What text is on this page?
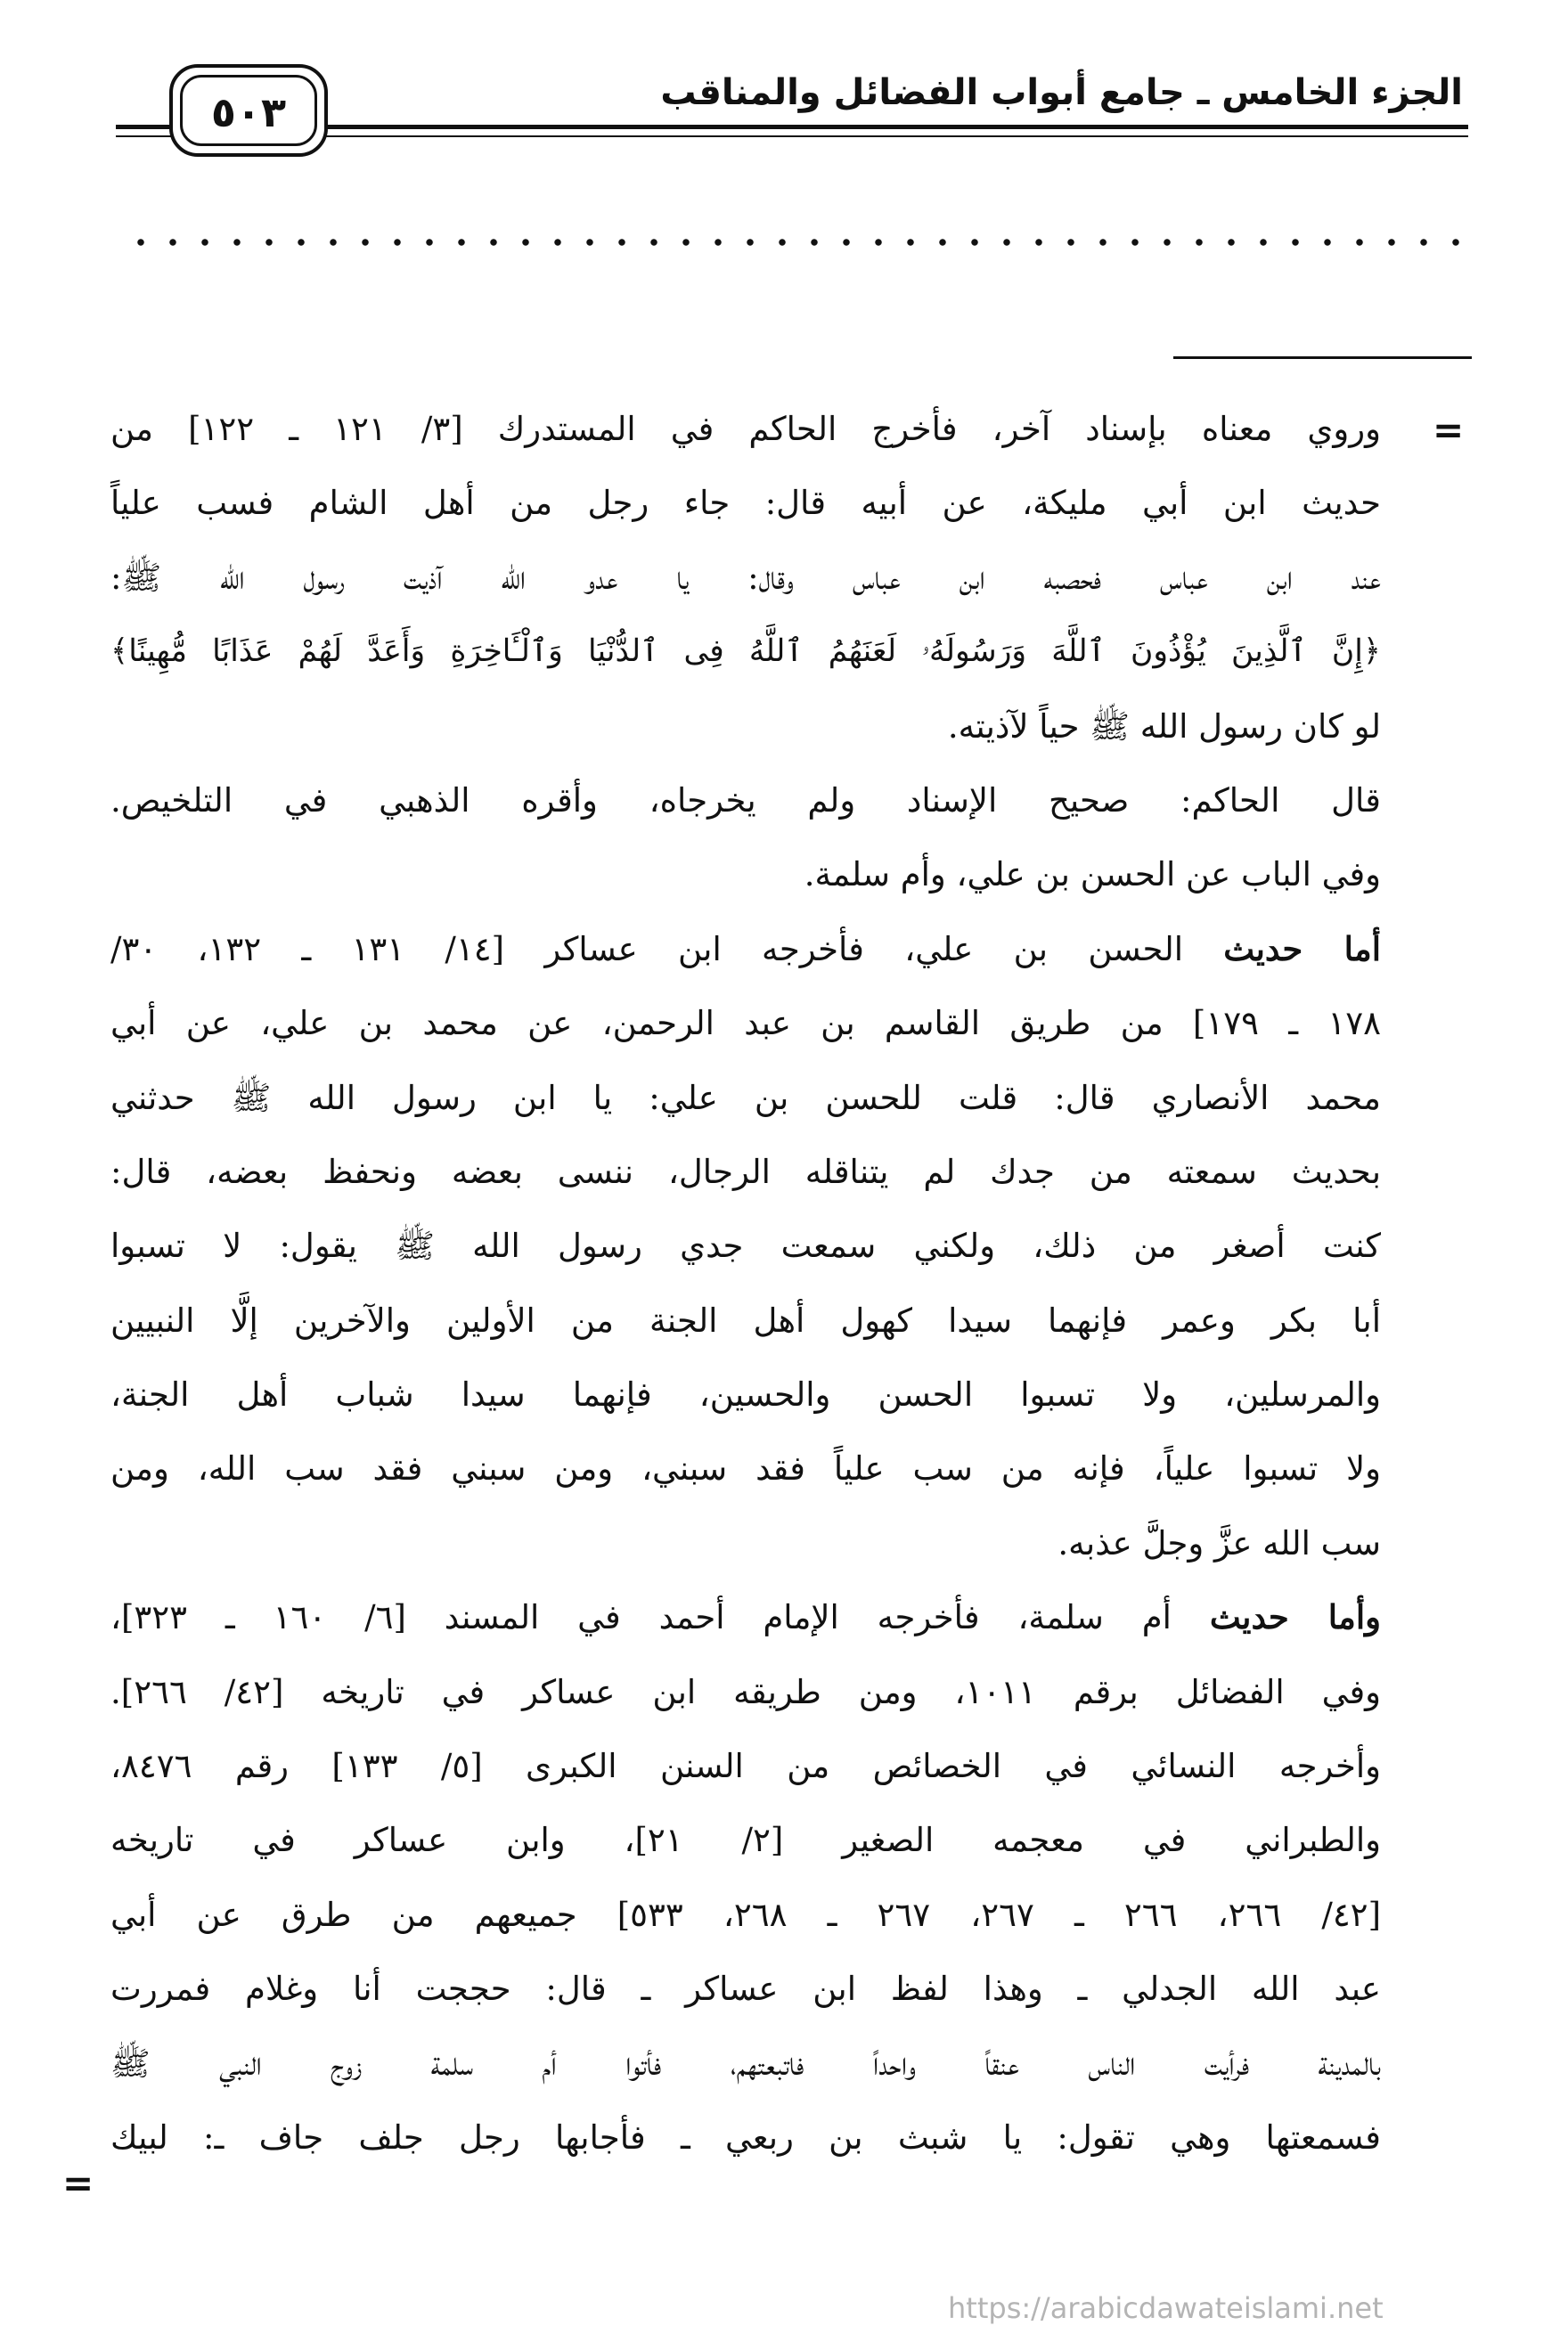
الجزء الخامس ـ جامع أبواب الفضائل والمناقب
٥٠٣
=
وروي معناه بإسناد آخر، فأخرج الحاكم في المستدرك [٣/ ١٢١ ـ ١٢٢] من
حديث ابن أبي مليكة، عن أبيه قال: جاء رجل من أهل الشام فسب علياً
عند ابن عباس فحصبه ابن عباس وقال: يا عدو الله آذيت رسول الله ﷺ:
﴿إِنَّ ٱلَّذِينَ يُؤْذُونَ ٱللَّهَ وَرَسُولَهُۥ لَعَنَهُمُ ٱللَّهُ فِى ٱلدُّنْيَا وَٱلْـَٔاخِرَةِ وَأَعَدَّ لَهُمْ عَذَابًا مُّهِينًا﴾
لو كان رسول الله ﷺ حياً لآذيته.
قال الحاكم: صحيح الإسناد ولم يخرجاه، وأقره الذهبي في التلخيص.
وفي الباب عن الحسن بن علي، وأم سلمة.
أما حديث الحسن بن علي، فأخرجه ابن عساكر [١٤/ ١٣١ ـ ١٣٢، ٣٠/
١٧٨ ـ ١٧٩] من طريق القاسم بن عبد الرحمن، عن محمد بن علي، عن أبي
محمد الأنصاري قال: قلت للحسن بن علي: يا ابن رسول الله ﷺ حدثني
بحديث سمعته من جدك لم يتناقله الرجال، ننسى بعضه ونحفظ بعضه، قال:
كنت أصغر من ذلك، ولكني سمعت جدي رسول الله ﷺ يقول: لا تسبوا
أبا بكر وعمر فإنهما سيدا كهول أهل الجنة من الأولين والآخرين إلَّا النبيين
والمرسلين، ولا تسبوا الحسن والحسين، فإنهما سيدا شباب أهل الجنة،
ولا تسبوا علياً، فإنه من سب علياً فقد سبني، ومن سبني فقد سب الله، ومن
سب الله عزَّ وجلَّ عذبه.
وأما حديث أم سلمة، فأخرجه الإمام أحمد في المسند [٦/ ١٦٠ ـ ٣٢٣]،
وفي الفضائل برقم ١٠١١، ومن طريقه ابن عساكر في تاريخه [٤٢/ ٢٦٦].
وأخرجه النسائي في الخصائص من السنن الكبرى [٥/ ١٣٣] رقم ٨٤٧٦،
والطبراني في معجمه الصغير [٢/ ٢١]، وابن عساكر في تاريخه
[٤٢/ ٢٦٦، ٢٦٦ ـ ٢٦٧، ٢٦٧ ـ ٢٦٨، ٥٣٣] جميعهم من طرق عن أبي
عبد الله الجدلي ـ وهذا لفظ ابن عساكر ـ قال: حججت أنا وغلام فمررت
بالمدينة فرأيت الناس عنقاً واحداً فاتبعتهم، فأتوا أم سلمة زوج النبي ﷺ
فسمعتها وهي تقول: يا شبث بن ربعي ـ فأجابها رجل جلف جاف ـ: لبيك
=
https://arabicdawateislami.net
